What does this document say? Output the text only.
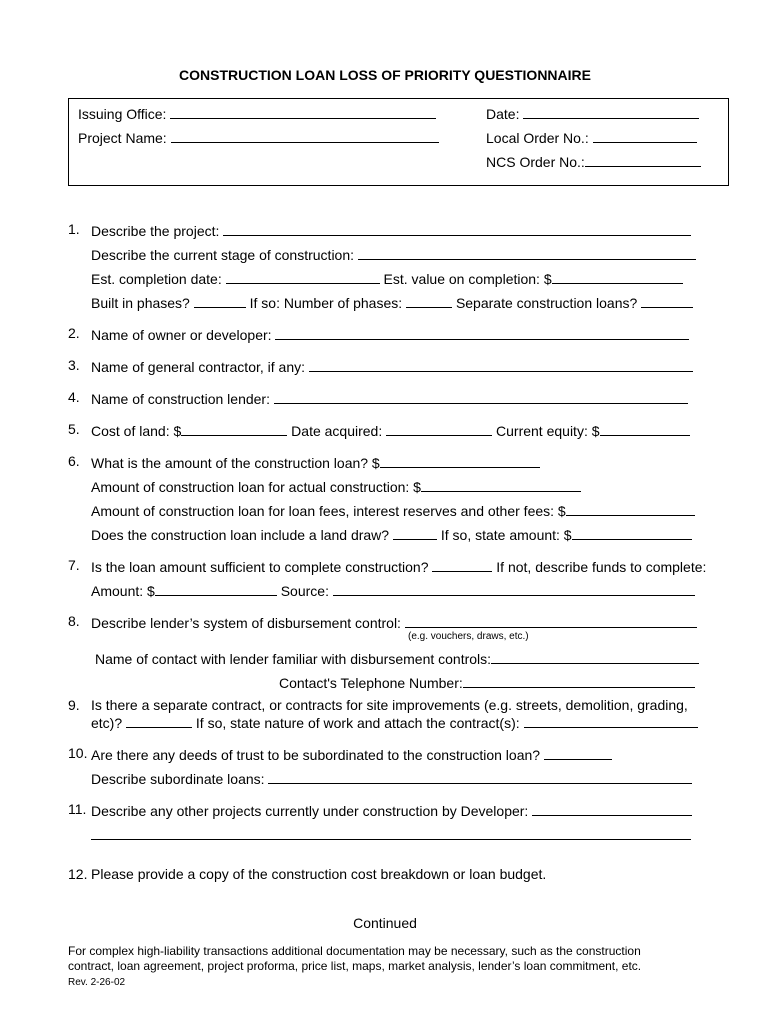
CONSTRUCTION LOAN LOSS OF PRIORITY QUESTIONNAIRE
Issuing Office:	Date:
Project Name:	Local Order No.:
NCS Order No.:
1. Describe the project:
Describe the current stage of construction:
Est. completion date:	Est. value on completion: $
Built in phases?	If so: Number of phases:	Separate construction loans?
2. Name of owner or developer:
3. Name of general contractor, if any:
4. Name of construction lender:
5. Cost of land: $	Date acquired:	Current equity: $
6. What is the amount of the construction loan? $
Amount of construction loan for actual construction: $
Amount of construction loan for loan fees, interest reserves and other fees: $
Does the construction loan include a land draw?	If so, state amount: $
7. Is the loan amount sufficient to complete construction?	If not, describe funds to complete:
Amount: $	Source:
8. Describe lender’s system of disbursement control:
(e.g. vouchers, draws, etc.)
Name of contact with lender familiar with disbursement controls:
Contact's Telephone Number:
9. Is there a separate contract, or contracts for site improvements (e.g. streets, demolition, grading,
etc)?	If so, state nature of work and attach the contract(s):
10. Are there any deeds of trust to be subordinated to the construction loan?
Describe subordinate loans:
11. Describe any other projects currently under construction by Developer:
12. Please provide a copy of the construction cost breakdown or loan budget.
Continued
For complex high-liability transactions additional documentation may be necessary, such as the construction
contract, loan agreement, project proforma, price list, maps, market analysis, lender’s loan commitment, etc.
Rev. 2-26-02
